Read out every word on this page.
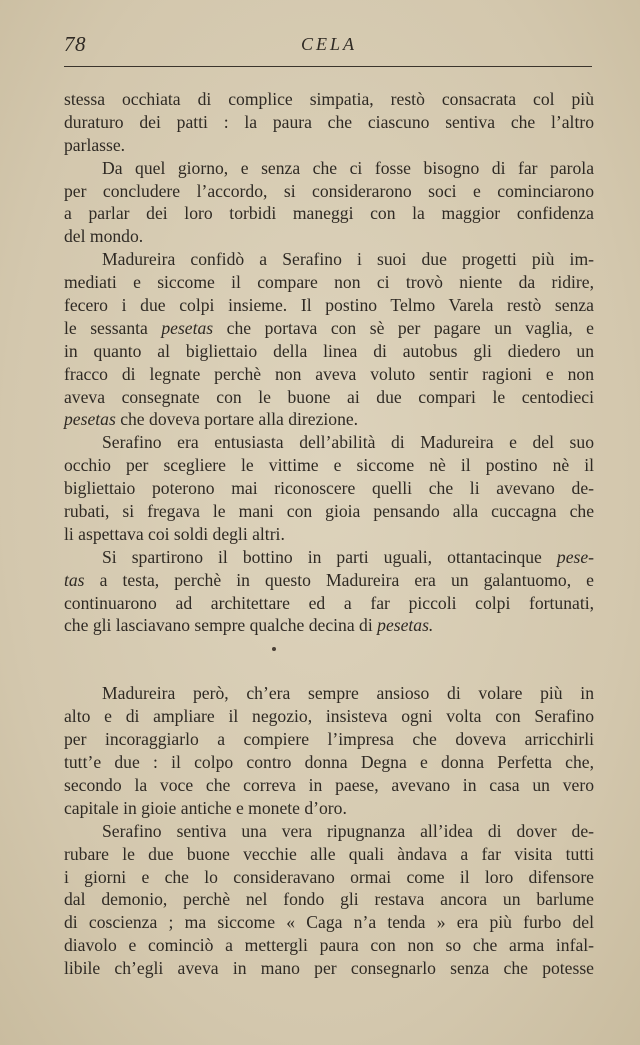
78	CELA
stessa occhiata di complice simpatia, restò consacrata col più
duraturo dei patti : la paura che ciascuno sentiva che l’altro
parlasse.
Da quel giorno, e senza che ci fosse bisogno di far parola
per concludere l’accordo, si considerarono soci e cominciarono
a parlar dei loro torbidi maneggi con la maggior confidenza
del mondo.
Madureira confidò a Serafino i suoi due progetti più im-
mediati e siccome il compare non ci trovò niente da ridire,
fecero i due colpi insieme. Il postino Telmo Varela restò senza
le sessanta pesetas che portava con sè per pagare un vaglia, e
in quanto al bigliettaio della linea di autobus gli diedero un
fracco di legnate perchè non aveva voluto sentir ragioni e non
aveva consegnate con le buone ai due compari le centodieci
pesetas che doveva portare alla direzione.
Serafino era entusiasta dell’abilità di Madureira e del suo
occhio per scegliere le vittime e siccome nè il postino nè il
bigliettaio poterono mai riconoscere quelli che li avevano de-
rubati, si fregava le mani con gioia pensando alla cuccagna che
li aspettava coi soldi degli altri.
Si spartirono il bottino in parti uguali, ottantacinque pese-
tas a testa, perchè in questo Madureira era un galantuomo, e
continuarono ad architettare ed a far piccoli colpi fortunati,
che gli lasciavano sempre qualche decina di pesetas.
Madureira però, ch’era sempre ansioso di volare più in
alto e di ampliare il negozio, insisteva ogni volta con Serafino
per incoraggiarlo a compiere l’impresa che doveva arricchirli
tutt’e due : il colpo contro donna Degna e donna Perfetta che,
secondo la voce che correva in paese, avevano in casa un vero
capitale in gioie antiche e monete d’oro.
Serafino sentiva una vera ripugnanza all’idea di dover de-
rubare le due buone vecchie alle quali àndava a far visita tutti
i giorni e che lo consideravano ormai come il loro difensore
dal demonio, perchè nel fondo gli restava ancora un barlume
di coscienza ; ma siccome « Caga n’a tenda » era più furbo del
diavolo e cominciò a mettergli paura con non so che arma infal-
libile ch’egli aveva in mano per consegnarlo senza che potesse
